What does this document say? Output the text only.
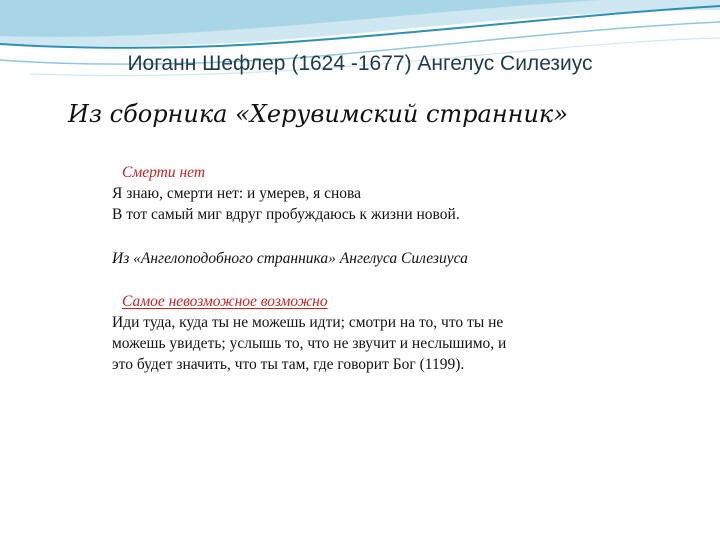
Иоганн Шефлер (1624 -1677) Ангелус Силезиус
Из сборника «Херувимский странник»
Смерти нет
Я знаю, смерти нет: и умерев, я снова
В тот самый миг вдруг пробуждаюсь к жизни новой.
Из «Ангелоподобного странника» Ангелуса Силезиуса
Самое невозможное возможно
Иди туда, куда ты не можешь идти; смотри на то, что ты не
можешь увидеть; услышь то, что не звучит и неслышимо, и
это будет значить, что ты там, где говорит Бог (1199).
